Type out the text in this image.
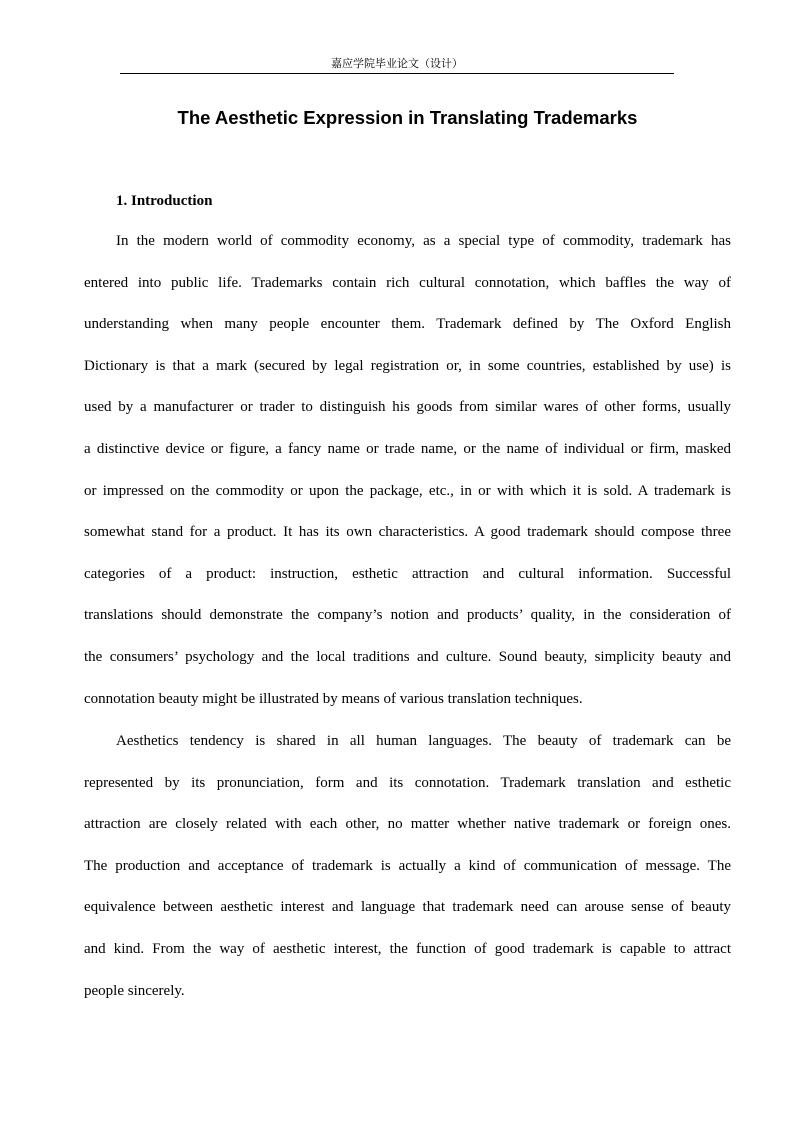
嘉应学院毕业论文（设计）
The Aesthetic Expression in Translating Trademarks
1. Introduction
In the modern world of commodity economy, as a special type of commodity, trademark has
entered into public life. Trademarks contain rich cultural connotation, which baffles the way of
understanding when many people encounter them. Trademark defined by The Oxford English
Dictionary is that a mark (secured by legal registration or, in some countries, established by use) is
used by a manufacturer or trader to distinguish his goods from similar wares of other forms, usually
a distinctive device or figure, a fancy name or trade name, or the name of individual or firm, masked
or impressed on the commodity or upon the package, etc., in or with which it is sold. A trademark is
somewhat stand for a product. It has its own characteristics. A good trademark should compose three
categories of a product: instruction, esthetic attraction and cultural information. Successful
translations should demonstrate the company’s notion and products’ quality, in the consideration of
the consumers’ psychology and the local traditions and culture. Sound beauty, simplicity beauty and
connotation beauty might be illustrated by means of various translation techniques.
Aesthetics tendency is shared in all human languages. The beauty of trademark can be
represented by its pronunciation, form and its connotation. Trademark translation and esthetic
attraction are closely related with each other, no matter whether native trademark or foreign ones.
The production and acceptance of trademark is actually a kind of communication of message. The
equivalence between aesthetic interest and language that trademark need can arouse sense of beauty
and kind. From the way of aesthetic interest, the function of good trademark is capable to attract
people sincerely.
